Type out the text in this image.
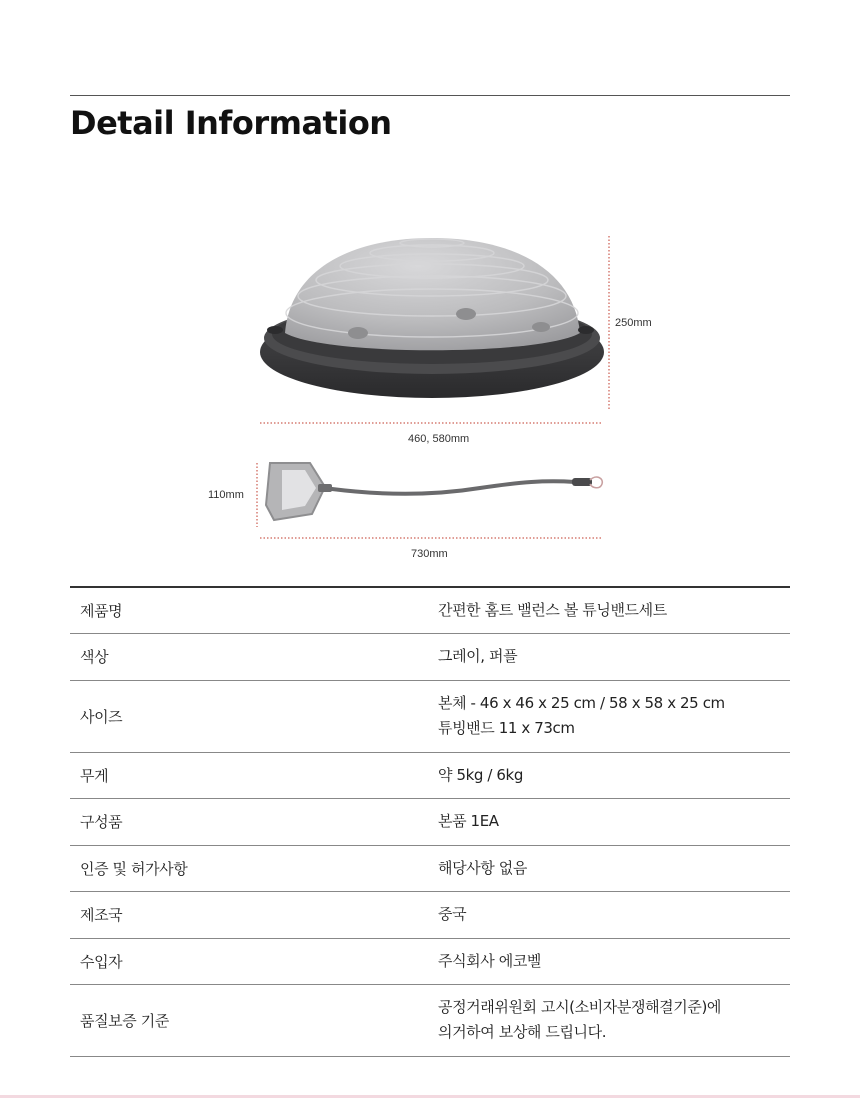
Detail Information
250mm
460, 580mm
110mm
730mm
제품명	간편한 홈트 밸런스 볼 튜닝밴드세트

색상	그레이, 퍼플

사이즈	본체 - 46 x 46 x 25 cm / 58 x 58 x 25 cm
튜빙밴드 11 x 73cm

무게	약 5kg / 6kg

구성품	본품 1EA

인증 및 허가사항	해당사항 없음

제조국	중국

수입자	주식회사 에코벨

품질보증 기준	공정거래위원회 고시(소비자분쟁해결기준)에
의거하여 보상해 드립니다.
